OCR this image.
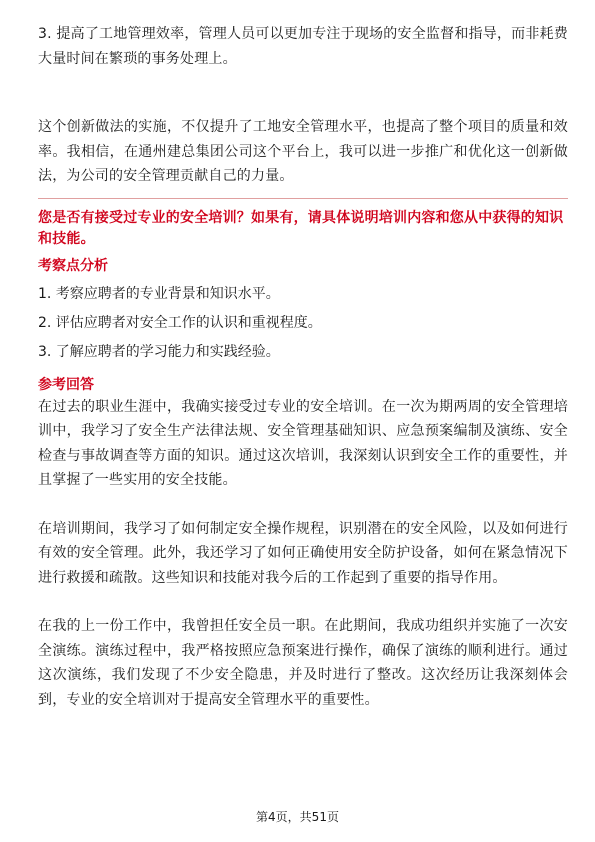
3. 提高了工地管理效率，管理人员可以更加专注于现场的安全监督和指导，而非耗费大量时间在繁琐的事务处理上。

这个创新做法的实施，不仅提升了工地安全管理水平，也提高了整个项目的质量和效率。我相信，在通州建总集团公司这个平台上，我可以进一步推广和优化这一创新做法，为公司的安全管理贡献自己的力量。

您是否有接受过专业的安全培训？如果有，请具体说明培训内容和您从中获得的知识和技能。

考察点分析

1. 考察应聘者的专业背景和知识水平。

2. 评估应聘者对安全工作的认识和重视程度。

3. 了解应聘者的学习能力和实践经验。

参考回答

在过去的职业生涯中，我确实接受过专业的安全培训。在一次为期两周的安全管理培训中，我学习了安全生产法律法规、安全管理基础知识、应急预案编制及演练、安全检查与事故调查等方面的知识。通过这次培训，我深刻认识到安全工作的重要性，并且掌握了一些实用的安全技能。

在培训期间，我学习了如何制定安全操作规程，识别潜在的安全风险，以及如何进行有效的安全管理。此外，我还学习了如何正确使用安全防护设备，如何在紧急情况下进行救援和疏散。这些知识和技能对我今后的工作起到了重要的指导作用。

在我的上一份工作中，我曾担任安全员一职。在此期间，我成功组织并实施了一次安全演练。演练过程中，我严格按照应急预案进行操作，确保了演练的顺利进行。通过这次演练，我们发现了不少安全隐患，并及时进行了整改。这次经历让我深刻体会到，专业的安全培训对于提高安全管理水平的重要性。

第4页，共51页
